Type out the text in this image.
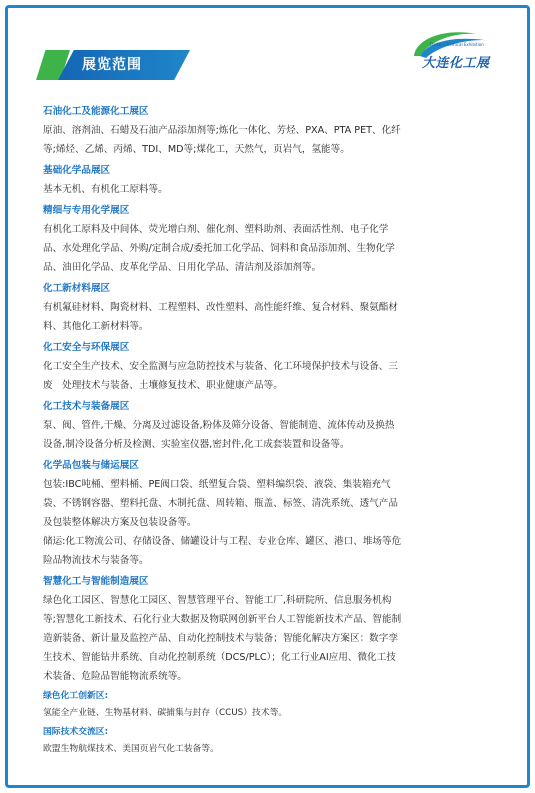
展览范围
Dalian Chemical Exhibition
大连化工展
石油化工及能源化工展区
原油、溶剂油、石蜡及石油产品添加剂等;炼化一体化、芳烃、PXA、PTA PET、化纤
等;烯烃、乙烯、丙烯、TDI、MD等;煤化工，天然气，页岩气，氢能等。
基础化学品展区
基本无机、有机化工原料等。
精细与专用化学展区
有机化工原料及中间体、荧光增白剂、催化剂、塑料助剂、表面活性剂、电子化学
品、水处理化学品、外购/定制合成/委托加工化学品、饲料和食品添加剂、生物化学
品、油田化学品、皮革化学品、日用化学品、清洁剂及添加剂等。
化工新材料展区
有机氟硅材料、陶瓷材料、工程塑料、改性塑料、高性能纤维、复合材料、聚氨酯材
料、其他化工新材料等。
化工安全与环保展区
化工安全生产技术、安全监测与应急防控技术与装备、化工环境保护技术与设备、三
废　处理技术与装备、土壤修复技术、职业健康产品等。
化工技术与装备展区
泵、阀、管件,干燥、分离及过滤设备,粉体及筛分设备、智能制造、流体传动及换热
设备,制冷设备分析及检测、实验室仪器,密封件,化工成套装置和设备等。
化学品包装与储运展区
包装:IBC吨桶、塑料桶、PE阀口袋、纸塑复合袋、塑料编织袋、液袋、集装箱充气
袋、不锈钢容器、塑料托盘、木制托盘、周转箱、瓶盖、标签、清洗系统、透气产品
及包装整体解决方案及包装设备等。
储运:化工物流公司、存储设备、储罐设计与工程、专业仓库、罐区、港口、堆场等危
险品物流技术与装备等。
智慧化工与智能制造展区
绿色化工园区、智慧化工园区、智慧管理平台、智能工厂,科研院所、信息服务机构
等;智慧化工新技术、石化行业大数据及物联网创新平台人工智能新技术产品、智能制
造新装备、新计量及监控产品、自动化控制技术与装备；智能化解决方案区：数字孪
生技术、智能钻井系统、自动化控制系统（DCS/PLC）；化工行业AI应用、微化工技
术装备、危险品智能物流系统等。
绿色化工创新区:
氢能全产业链、生物基材料、碳捕集与封存（CCUS）技术等。
国际技术交流区:
欧盟生物航煤技术、美国页岩气化工装备等。
